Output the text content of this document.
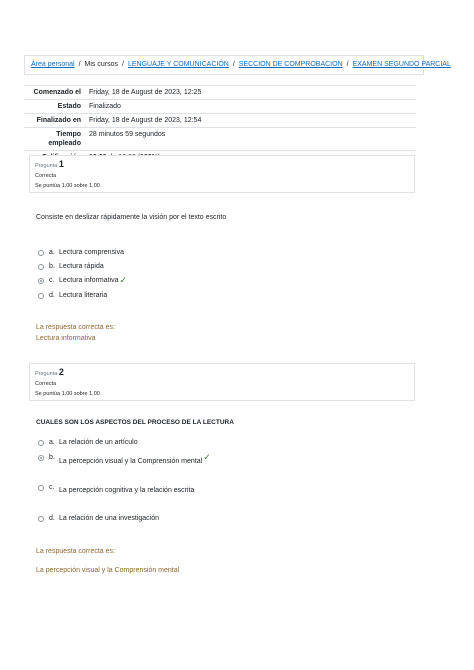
Área personal / Mis cursos / LENGUAJE Y COMUNICACIÓN / SECCION DE COMPROBACION / EXAMEN SEGUNDO PARCIAL
Comenzado el	Friday, 18 de August de 2023, 12:25
Estado	Finalizado
Finalizado en	Friday, 18 de August de 2023, 12:54
Tiempo empleado	28 minutos 59 segundos

Pregunta 1
Correcta
Se puntúa 1,00 sobre 1,00
Consiste en deslizar rápidamente la visión por el texto escrito
a. Lectura comprensiva
b. Lectura rápida
c. Lectura informativa ✓
d. Lectura literaria
La respuesta correcta es:
Lectura informativa
Pregunta 2
Correcta
Se puntúa 1,00 sobre 1,00
CUALES SON LOS ASPECTOS DEL PROCESO DE LA LECTURA
a. La relación de un artículo
b.
La percepción visual y la Comprensión mental ✓
c. La percepción cognitiva y la relación escrita
d. La relación de una investigación
La respuesta correcta es:
La percepción visual y la Comprensión mental
